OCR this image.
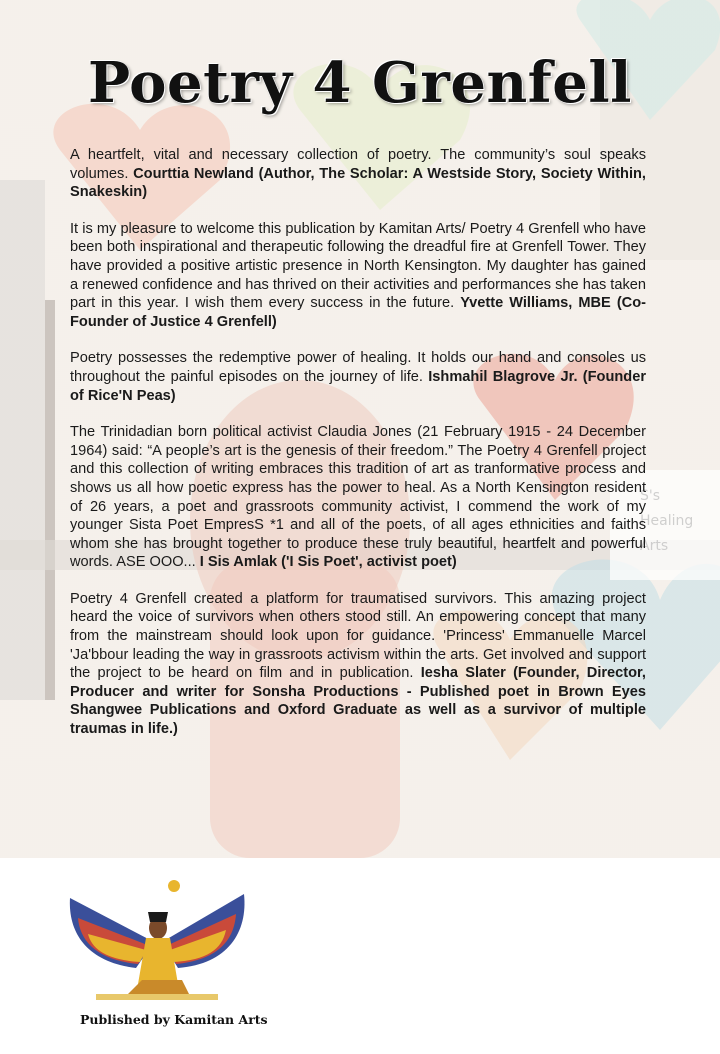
Poetry 4 Grenfell

A heartfelt, vital and necessary collection of poetry. The community’s soul speaks volumes. Courttia Newland (Author, The Scholar: A Westside Story, Society Within, Snakeskin)

It is my pleasure to welcome this publication by Kamitan Arts/ Poetry 4 Grenfell who have been both inspirational and therapeutic following the dreadful fire at Grenfell Tower. They have provided a positive artistic presence in North Kensington. My daughter has gained a renewed confidence and has thrived on their activities and performances she has taken part in this year. I wish them every success in the future. Yvette Williams, MBE (Co-Founder of Justice 4 Grenfell)

Poetry possesses the redemptive power of healing. It holds our hand and consoles us throughout the painful episodes on the journey of life. Ishmahil Blagrove Jr. (Founder of Rice'N Peas)

The Trinidadian born political activist Claudia Jones (21 February 1915 - 24 December 1964) said: “A people’s art is the genesis of their freedom.” The Poetry 4 Grenfell project and this collection of writing embraces this tradition of art as tranformative process and shows us all how poetic express has the power to heal. As a North Kensington resident of 26 years, a poet and grassroots community activist, I commend the work of my younger Sista Poet EmpresS *1 and all of the poets, of all ages ethnicities and faiths whom she has brought together to produce these truly beautiful, heartfelt and powerful words. ASE OOO... I Sis Amlak ('I Sis Poet', activist poet)

Poetry 4 Grenfell created a platform for traumatised survivors. This amazing project heard the voice of survivors when others stood still. An empowering concept that many from the mainstream should look upon for guidance. 'Princess' Emmanuelle Marcel 'Ja'bbour leading the way in grassroots activism within the arts. Get involved and support the project to be heard on film and in publication. Iesha Slater (Founder, Director, Producer and writer for Sonsha Productions - Published poet in Brown Eyes Shangwee Publications and Oxford Graduate as well as a survivor of multiple traumas in life.)

Published by Kamitan Arts
